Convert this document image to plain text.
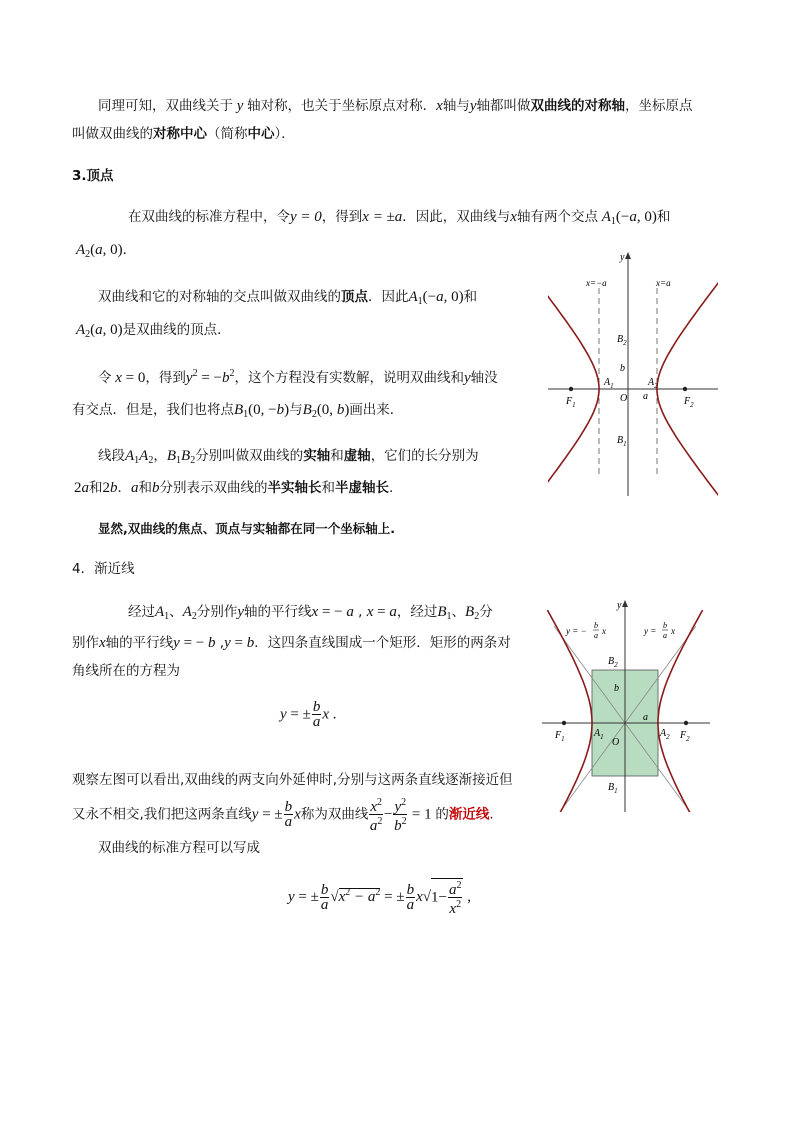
同理可知，双曲线关于 y 轴对称，也关于坐标原点对称．x轴与y轴都叫做双曲线的对称轴，坐标原点
叫做双曲线的对称中心（简称中心）．
3.顶点
在双曲线的标准方程中，令y = 0，得到x = ±a．因此，双曲线与x轴有两个交点 $A_1(-a$, 0)和
$A_2(a$, 0)．
双曲线和它的对称轴的交点叫做双曲线的顶点．因此$A_1(-a$, 0)和
$A_2(a$, 0)是双曲线的顶点．
令 x = 0，得到$y^2 = -b^2$，这个方程没有实数解，说明双曲线和y轴没
有交点．但是，我们也将点$B_1(0$, −b)与$B_2(0$, b)画出来．
线段$A_1A_2$，$B_1B_2$分别叫做双曲线的实轴和虚轴，它们的长分别为
2a和2b．a和b分别表示双曲线的半实轴长和半虚轴长.
显然,双曲线的焦点、顶点与实轴都在同一个坐标轴上.
4．渐近线
经过$A_1$、$A_2$分别作y轴的平行线x = − a , x = a，经过$B_1$、$B_2$分
别作x轴的平行线y = − b ,y = b．这四条直线围成一个矩形．矩形的两条对
角线所在的方程为
y = ± $\frac{b}{a}$ x .
观察左图可以看出,双曲线的两支向外延伸时,分别与这两条直线逐渐接近但
又永不相交,我们把这两条直线y = ± $\frac{b}{a}$ x称为双曲线 $\frac{x^2}{a^2} - \frac{y^2}{b^2} = 1$ 的渐近线.
双曲线的标准方程可以写成
y = ± $\frac{b}{a} √x^2 - a^2$ = ± $\frac{b}{a} x√1- \frac{a^2}{x^2}$ ,
y
x=−a	x=a
$B_2$
b
$A_1$	$A_2$
O a
$F_1$	$F_2$
$B_1$
y
y = −
b
a x	y =
b
a x
$B_2$
b
a
$A_1$	$A_2$
O
$F_1$	$F_2$
$B_1$
